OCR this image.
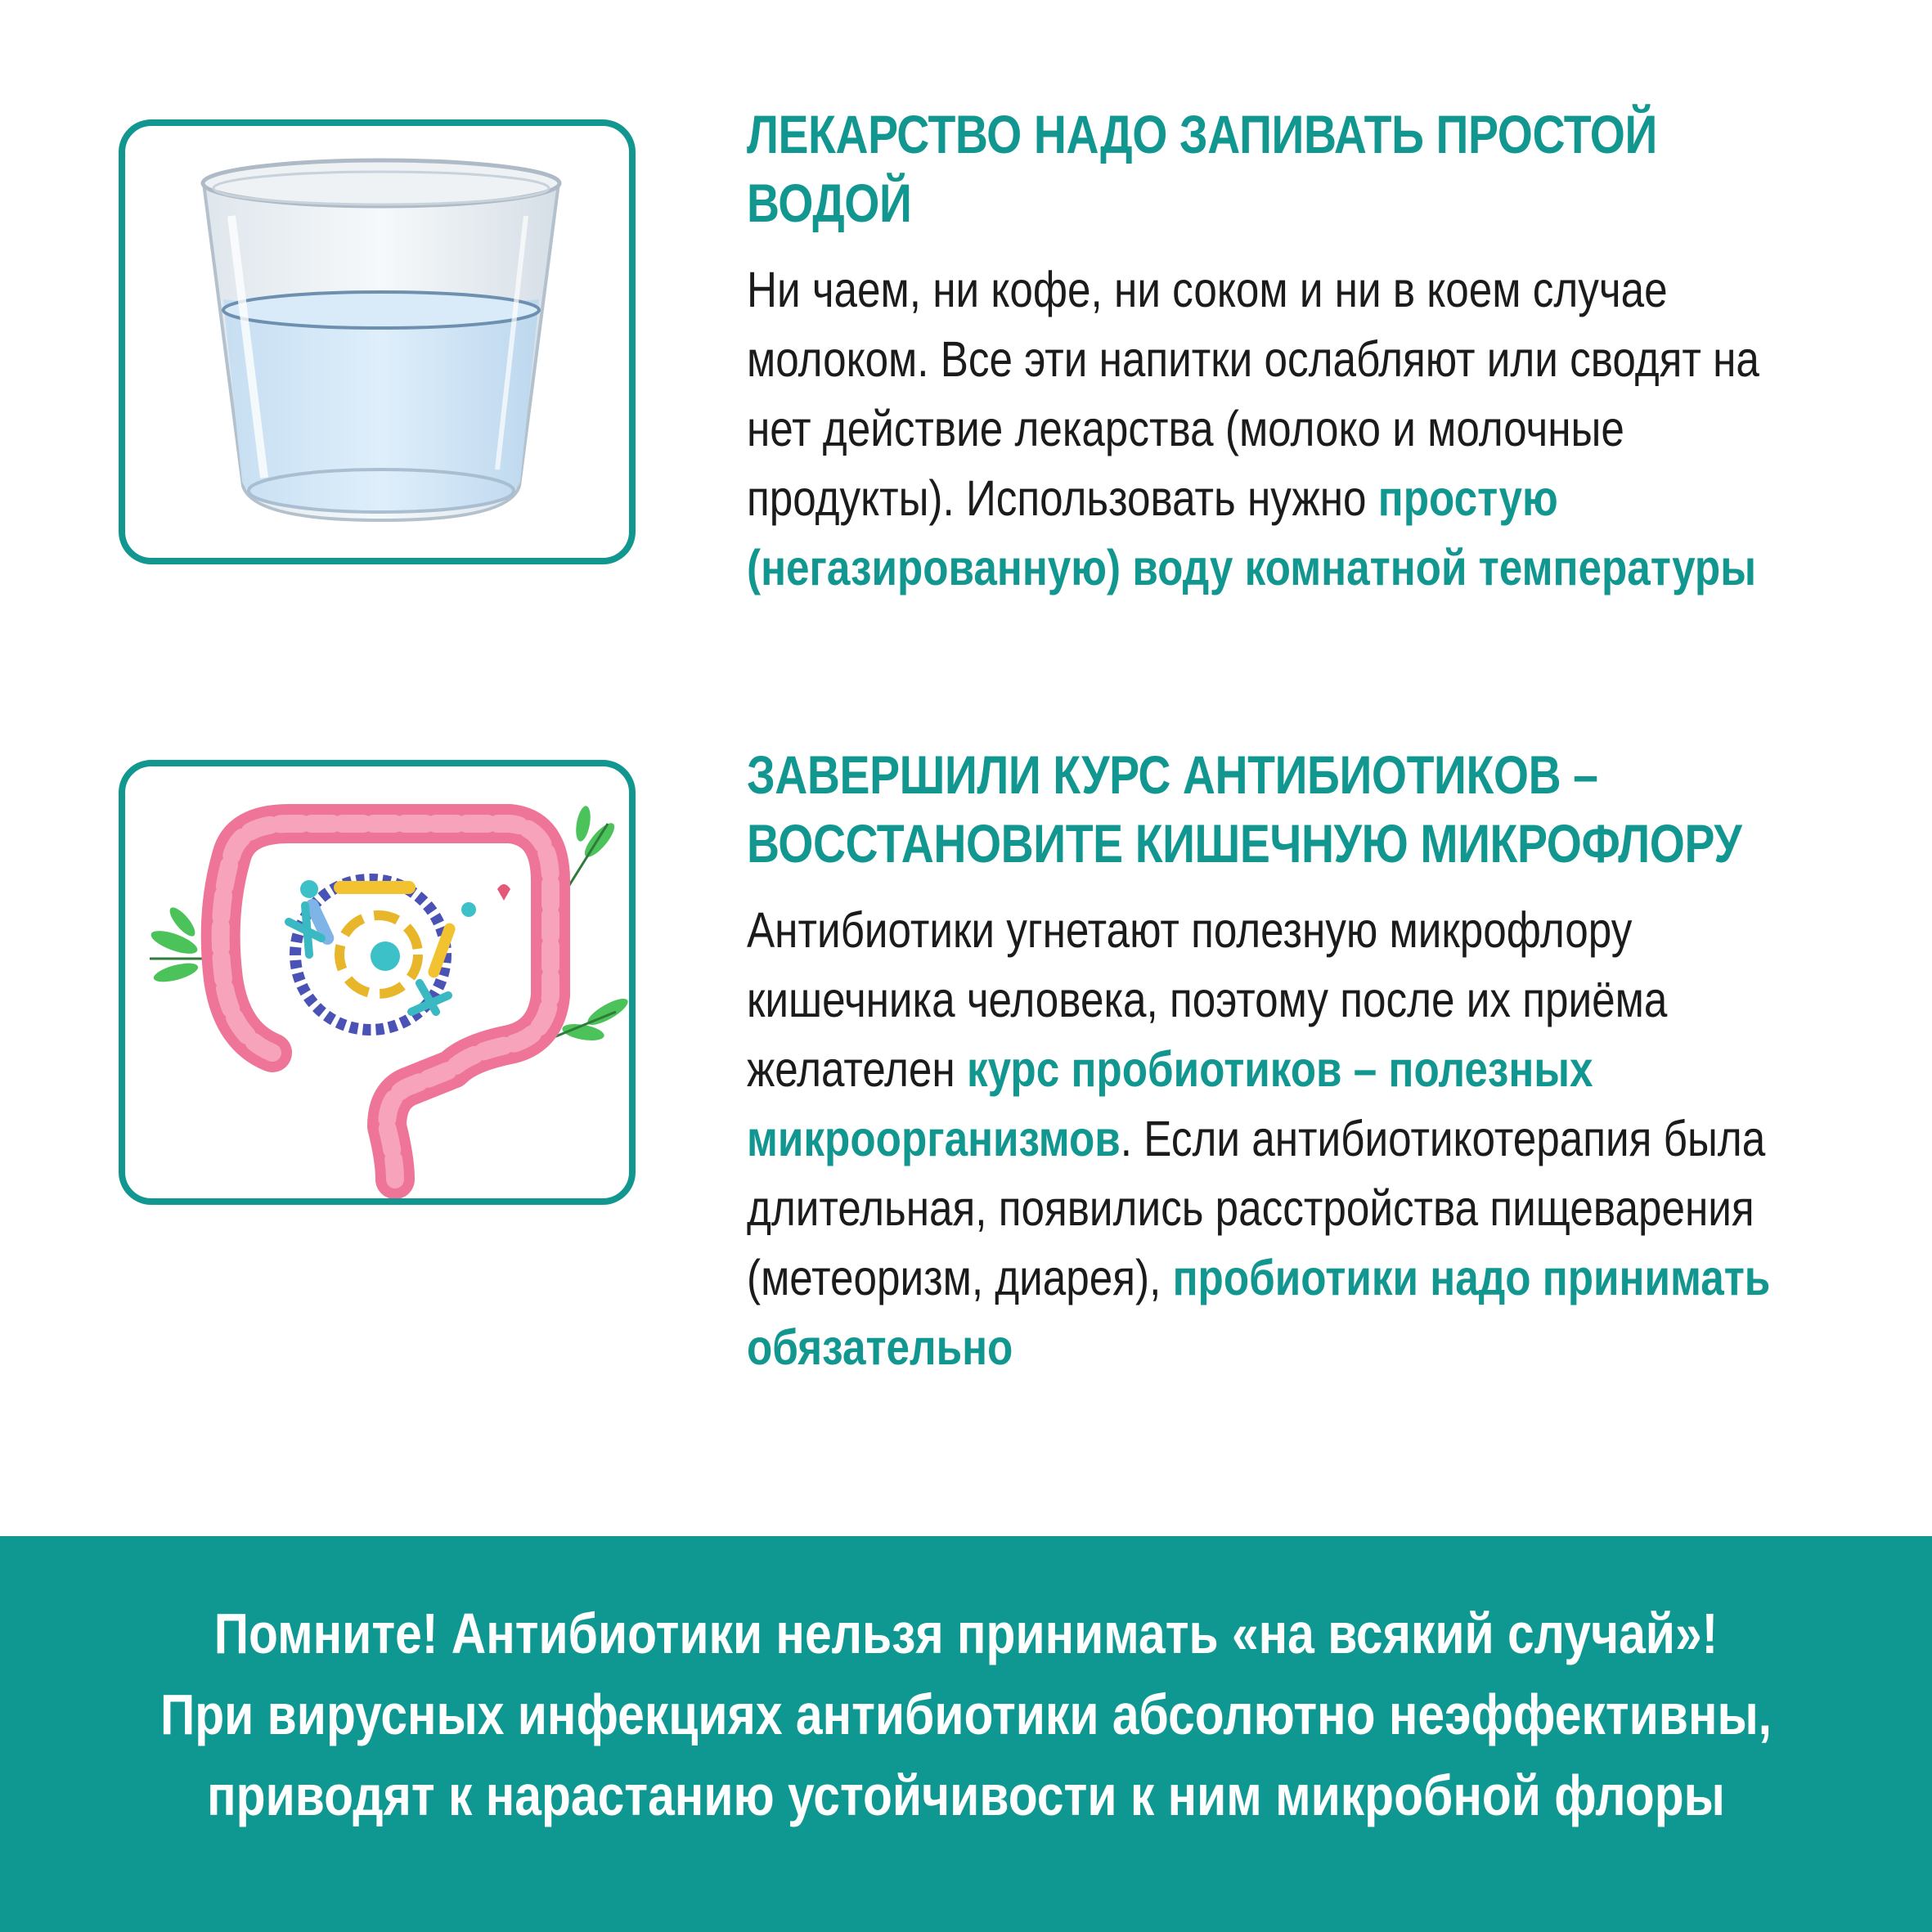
ЛЕКАРСТВО НАДО ЗАПИВАТЬ ПРОСТОЙ ВОДОЙ

Ни чаем, ни кофе, ни соком и ни в коем случае молоком. Все эти напитки ослабляют или сводят на нет действие лекарства (молоко и молочные продукты). Использовать нужно простую (негазированную) воду комнатной температуры

ЗАВЕРШИЛИ КУРС АНТИБИОТИКОВ – ВОССТАНОВИТЕ КИШЕЧНУЮ МИКРОФЛОРУ

Антибиотики угнетают полезную микрофлору кишечника человека, поэтому после их приёма желателен курс пробиотиков – полезных микроорганизмов. Если антибиотикотерапия была длительная, появились расстройства пищеварения (метеоризм, диарея), пробиотики надо принимать обязательно

Помните! Антибиотики нельзя принимать «на всякий случай»!
При вирусных инфекциях антибиотики абсолютно неэффективны,
приводят к нарастанию устойчивости к ним микробной флоры
